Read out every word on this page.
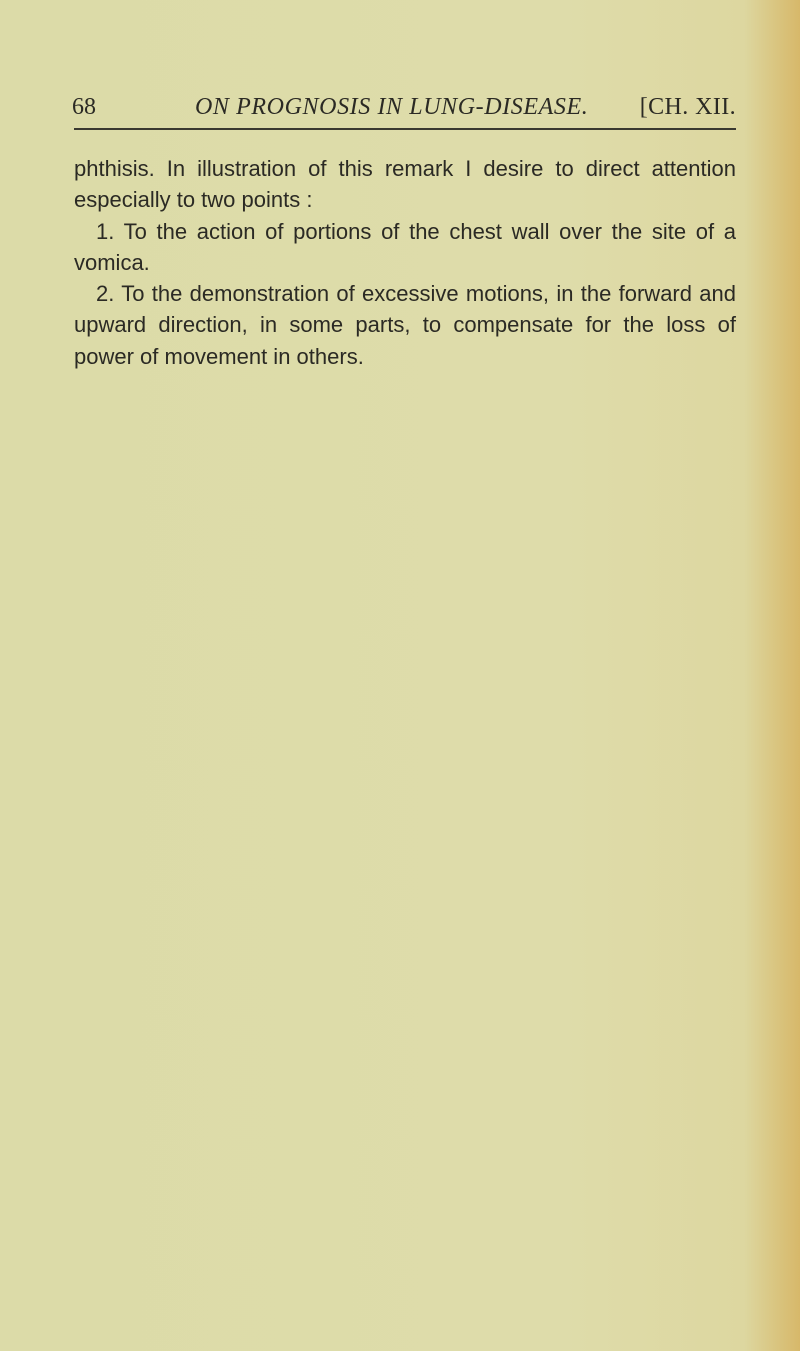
68	ON PROGNOSIS IN LUNG-DISEASE. [CH. XII.

phthisis. In illustration of this remark I desire to direct attention especially to two points :

1. To the action of portions of the chest wall over the site of a vomica.

2. To the demonstration of excessive motions, in the forward and upward direction, in some parts, to compensate for the loss of power of movement in others.
